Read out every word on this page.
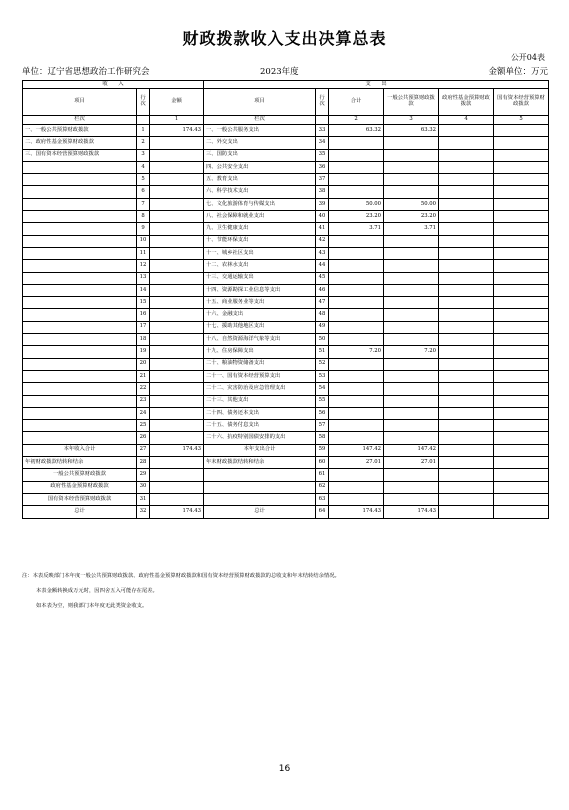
财政拨款收入支出决算总表
公开04表
单位：辽宁省思想政治工作研究会	2023年度	金额单位：万元
收　　入			支　　出					
项目	行次	金额	项目	行次	合计	一般公共预算财政拨款	政府性基金预算财政拨款	国有资本经营预算财政拨款
栏次		1	栏次		2	3	4	5
一、一般公共预算财政拨款	1	174.43	一、一般公共服务支出	33	63.32	63.32		
二、政府性基金预算财政拨款	2		二、外交支出	34				
三、国有资本经营预算财政拨款	3		三、国防支出	35				
	4		四、公共安全支出	36				
	5		五、教育支出	37				
	6		六、科学技术支出	38				
	7		七、文化旅游体育与传媒支出	39	50.00	50.00		
	8		八、社会保障和就业支出	40	23.20	23.20		
	9		九、卫生健康支出	41	3.71	3.71		
	10		十、节能环保支出	42				
	11		十一、城乡社区支出	43				
	12		十二、农林水支出	44				
	13		十三、交通运输支出	45				
	14		十四、资源勘探工业信息等支出	46				
	15		十五、商业服务业等支出	47				
	16		十六、金融支出	48				
	17		十七、援助其他地区支出	49				
	18		十八、自然资源海洋气象等支出	50				
	19		十九、住房保障支出	51	7.20	7.20		
	20		二十、粮油物资储备支出	52				
	21		二十一、国有资本经营预算支出	53				
	22		二十二、灾害防治及应急管理支出	54				
	23		二十三、其他支出	55				
	24		二十四、债务还本支出	56				
	25		二十五、债务付息支出	57				
	26		二十六、抗疫特别国债安排的支出	58				
本年收入合计	27	174.43	本年支出合计	59	147.42	147.42		
年初财政拨款结转和结余	28		年末财政拨款结转和结余	60	27.01	27.01		
一般公共预算财政拨款	29			61				
政府性基金预算财政拨款	30			62				
国有资本经营预算财政拨款	31			63				
总计	32	174.43	总计	64	174.43	174.43		
注：本表反映部门本年度一般公共预算财政拨款、政府性基金预算财政拨款和国有资本经营预算财政拨款的总收支和年末结转结余情况。
本表金额转换成万元时，因四舍五入可能存在尾差。
如本表为空，则我部门本年度无此类资金收支。
16
